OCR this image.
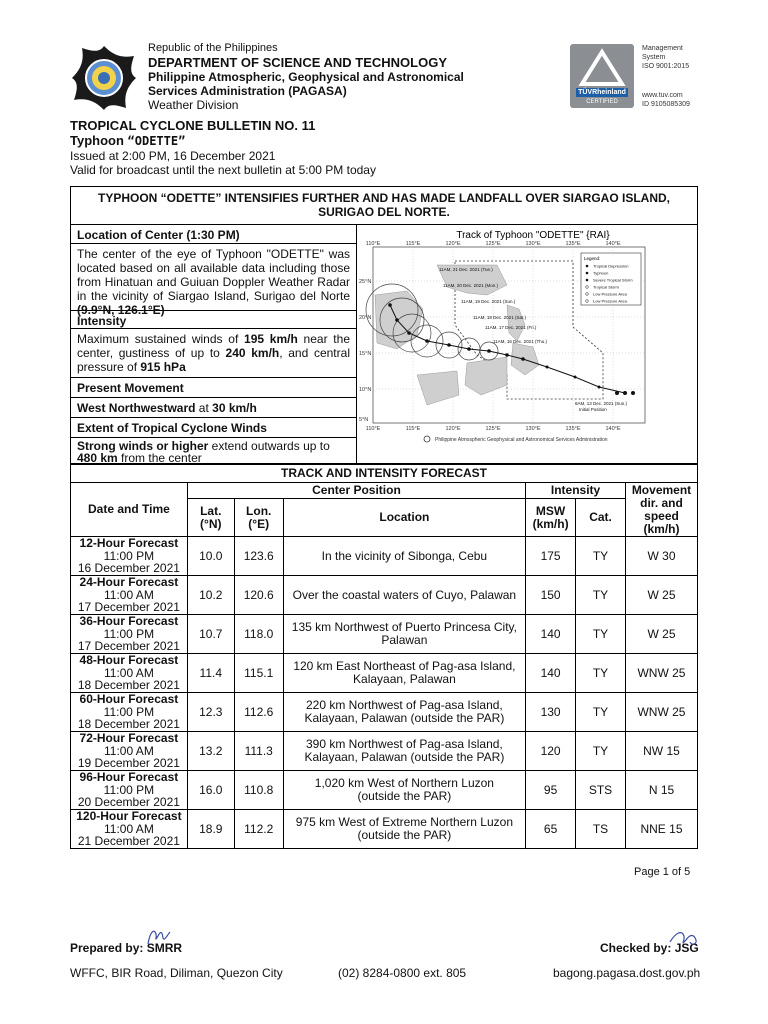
Republic of the Philippines
DEPARTMENT OF SCIENCE AND TECHNOLOGY
Philippine Atmospheric, Geophysical and Astronomical
Services Administration (PAGASA)
Weather Division
TÜVRheinland
CERTIFIED
Management
System
ISO 9001:2015
www.tuv.com
ID 9105085309
TROPICAL CYCLONE BULLETIN NO. 11
Typhoon “ODETTE”
Issued at 2:00 PM, 16 December 2021
Valid for broadcast until the next bulletin at 5:00 PM today
TYPHOON “ODETTE” INTENSIFIES FURTHER AND HAS MADE LANDFALL OVER SIARGAO ISLAND,
SURIGAO DEL NORTE.
Location of Center (1:30 PM)
The center of the eye of Typhoon "ODETTE" was located based on all available data including those from Hinatuan and Guiuan Doppler Weather Radar in the vicinity of Siargao Island, Surigao del Norte (9.9°N, 126.1°E)
Intensity
Maximum sustained winds of 195 km/h near the center, gustiness of up to 240 km/h, and central pressure of 915 hPa
Present Movement
West Northwestward at 30 km/h
Extent of Tropical Cyclone Winds
Strong winds or higher extend outwards up to
480 km from the center
Track of Typhoon "ODETTE" {RAI}
110°E	115°E	120°E	125°E	130°E	135°E	140°E
110°E	115°E	120°E	125°E	130°E	135°E	140°E
25°N
20°N
15°N
10°N
5°N
11AM, 21 Dec. 2021 (Tue.)
11AM, 20 Dec. 2021 (Mon.)
11AM, 19 Dec. 2021 (Sun.)
11AM, 18 Dec. 2021 (Sat.)
11AM, 17 Dec. 2021 (Fri.)
11AM, 16 Dec. 2021 (Thu.)
8AM, 13 Dec. 2021 (Sun.)
Initial Position
Legend:
Tropical Depression
Typhoon
Severe Tropical Storm
Tropical Storm
Low Pressure Area
Low Pressure Area
Philippine Atmospheric Geophysical and Astronomical Services Administration
TRACK AND INTENSITY FORECAST						
Date and Time	Center Position			Intensity		Movement dir. and speed (km/h)
	Lat. (°N)	Lon. (°E)	Location	MSW (km/h)	Cat.	
12-Hour Forecast
11:00 PM
16 December 2021	10.0	123.6	In the vicinity of Sibonga, Cebu	175	TY	W 30
24-Hour Forecast
11:00 AM
17 December 2021	10.2	120.6	Over the coastal waters of Cuyo, Palawan	150	TY	W 25
36-Hour Forecast
11:00 PM
17 December 2021	10.7	118.0	135 km Northwest of Puerto Princesa City,
Palawan	140	TY	W 25
48-Hour Forecast
11:00 AM
18 December 2021	11.4	115.1	120 km East Northeast of Pag-asa Island,
Kalayaan, Palawan	140	TY	WNW 25
60-Hour Forecast
11:00 PM
18 December 2021	12.3	112.6	220 km Northwest of Pag-asa Island,
Kalayaan, Palawan (outside the PAR)	130	TY	WNW 25
72-Hour Forecast
11:00 AM
19 December 2021	13.2	111.3	390 km Northwest of Pag-asa Island,
Kalayaan, Palawan (outside the PAR)	120	TY	NW 15
96-Hour Forecast
11:00 PM
20 December 2021	16.0	110.8	1,020 km West of Northern Luzon
(outside the PAR)	95	STS	N 15
120-Hour Forecast
11:00 AM
21 December 2021	18.9	112.2	975 km West of Extreme Northern Luzon
(outside the PAR)	65	TS	NNE 15
Page 1 of 5
Prepared by: SMRR	Checked by: JSG
WFFC, BIR Road, Diliman, Quezon City	(02) 8284-0800 ext. 805	bagong.pagasa.dost.gov.ph
